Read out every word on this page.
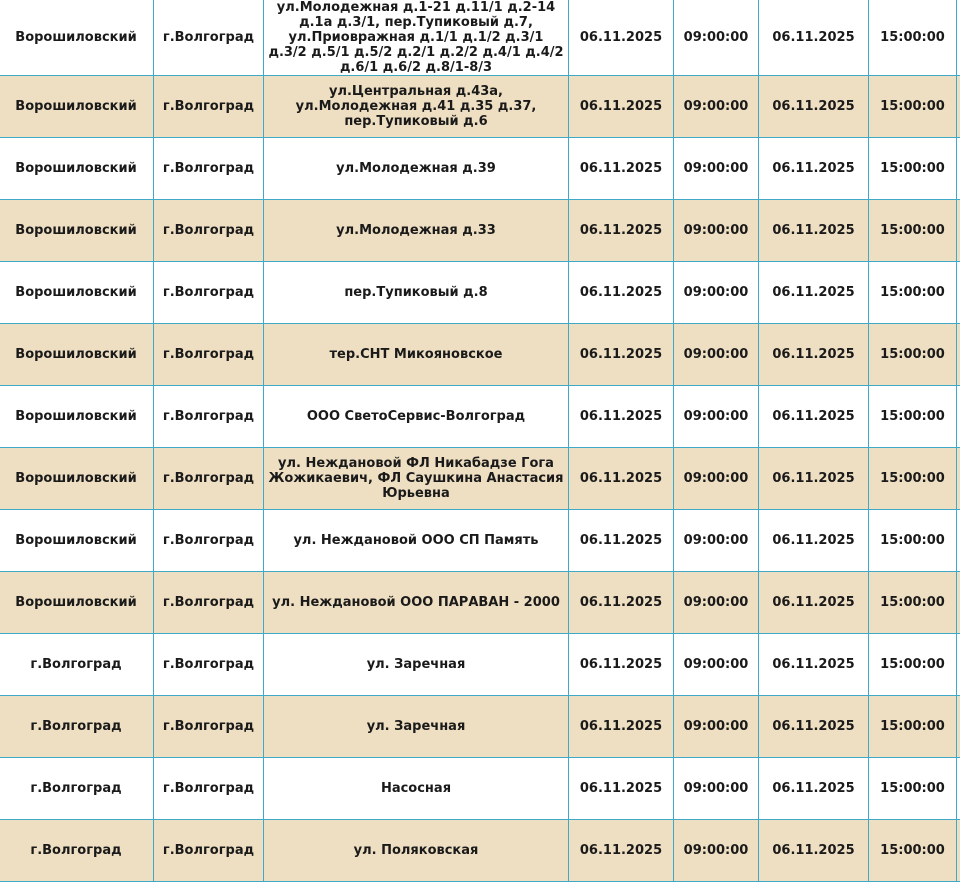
Ворошиловский	г.Волгоград	ул.Молодежная д.1-21 д.11/1 д.2-14 д.1а д.3/1, пер.Тупиковый д.7, ул.Приовражная д.1/1 д.1/2 д.3/1 д.3/2 д.5/1 д.5/2 д.2/1 д.2/2 д.4/1 д.4/2 д.6/1 д.6/2 д.8/1-8/3	06.11.2025	09:00:00	06.11.2025	15:00:00	
Ворошиловский	г.Волгоград	ул.Центральная д.43а, ул.Молодежная д.41 д.35 д.37, пер.Тупиковый д.6	06.11.2025	09:00:00	06.11.2025	15:00:00	
Ворошиловский	г.Волгоград	ул.Молодежная д.39	06.11.2025	09:00:00	06.11.2025	15:00:00	
Ворошиловский	г.Волгоград	ул.Молодежная д.33	06.11.2025	09:00:00	06.11.2025	15:00:00	
Ворошиловский	г.Волгоград	пер.Тупиковый д.8	06.11.2025	09:00:00	06.11.2025	15:00:00	
Ворошиловский	г.Волгоград	тер.СНТ Микояновское	06.11.2025	09:00:00	06.11.2025	15:00:00	
Ворошиловский	г.Волгоград	ООО СветоСервис-Волгоград	06.11.2025	09:00:00	06.11.2025	15:00:00	
Ворошиловский	г.Волгоград	ул. Неждановой ФЛ Никабадзе Гога Жожикаевич, ФЛ Саушкина Анастасия Юрьевна	06.11.2025	09:00:00	06.11.2025	15:00:00	
Ворошиловский	г.Волгоград	ул. Неждановой ООО СП Память	06.11.2025	09:00:00	06.11.2025	15:00:00	
Ворошиловский	г.Волгоград	ул. Неждановой ООО ПАРАВАН - 2000	06.11.2025	09:00:00	06.11.2025	15:00:00	
г.Волгоград	г.Волгоград	ул. Заречная	06.11.2025	09:00:00	06.11.2025	15:00:00	
г.Волгоград	г.Волгоград	ул. Заречная	06.11.2025	09:00:00	06.11.2025	15:00:00	
г.Волгоград	г.Волгоград	Насосная	06.11.2025	09:00:00	06.11.2025	15:00:00	
г.Волгоград	г.Волгоград	ул. Поляковская	06.11.2025	09:00:00	06.11.2025	15:00:00	
